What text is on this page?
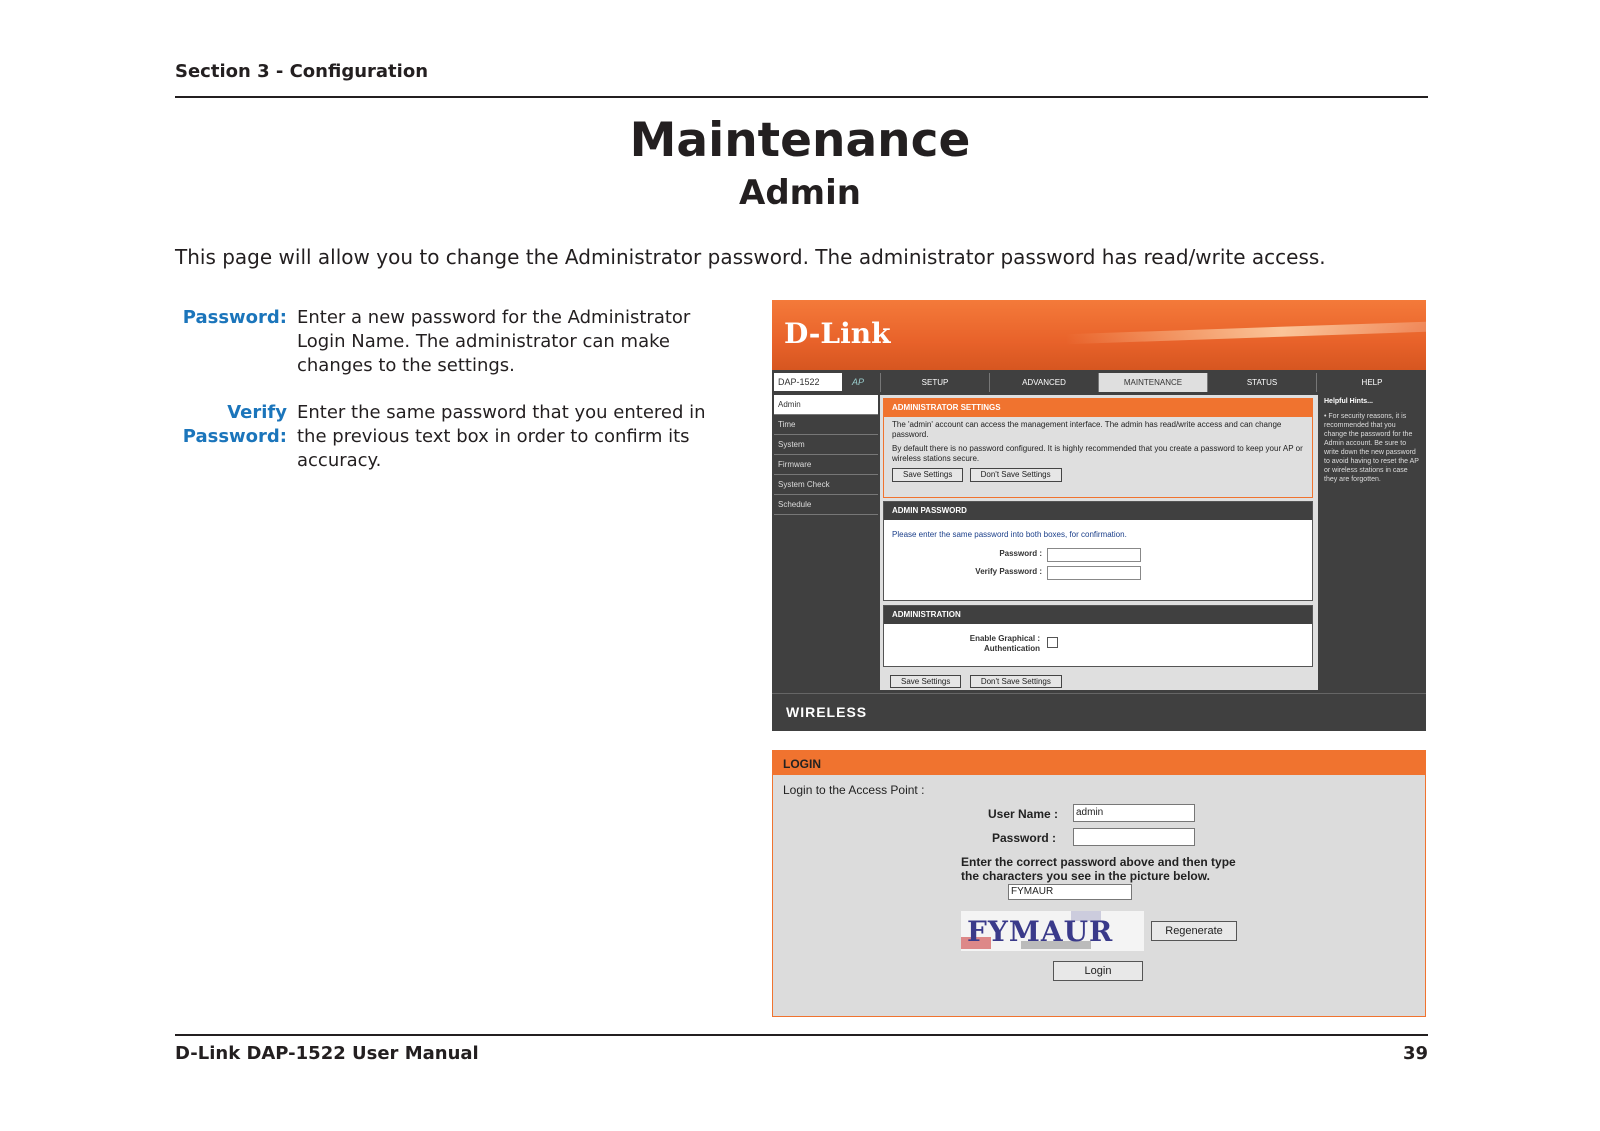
Section 3 - Configuration
Maintenance
Admin
This page will allow you to change the Administrator password. The administrator password has read/write access.
Password: Enter a new password for the Administrator Login Name. The administrator can make changes to the settings.
Verify
Password:
Enter the same password that you entered in the previous text box in order to confirm its accuracy.
D-Link
DAP-1522	AP	SETUP	ADVANCED	MAINTENANCE	STATUS	HELP
Admin
Time
System
Firmware
System Check
Schedule
ADMINISTRATOR SETTINGS
The 'admin' account can access the management interface. The admin has read/write access and can change password.
By default there is no password configured. It is highly recommended that you create a password to keep your AP or wireless stations secure.
Save Settings	Don't Save Settings
ADMIN PASSWORD
Please enter the same password into both boxes, for confirmation.
Password :
Verify Password :
ADMINISTRATION
Enable Graphical :
Authentication
Save Settings	Don't Save Settings
Helpful Hints...
• For security reasons, it is recommended that you change the password for the Admin account. Be sure to write down the new password to avoid having to reset the AP or wireless stations in case they are forgotten.
WIRELESS
LOGIN
Login to the Access Point :
User Name :	admin
Password :
Enter the correct password above and then type the characters you see in the picture below.
FYMAUR
FYMAUR	Regenerate
Login
D-Link DAP-1522 User Manual	39
